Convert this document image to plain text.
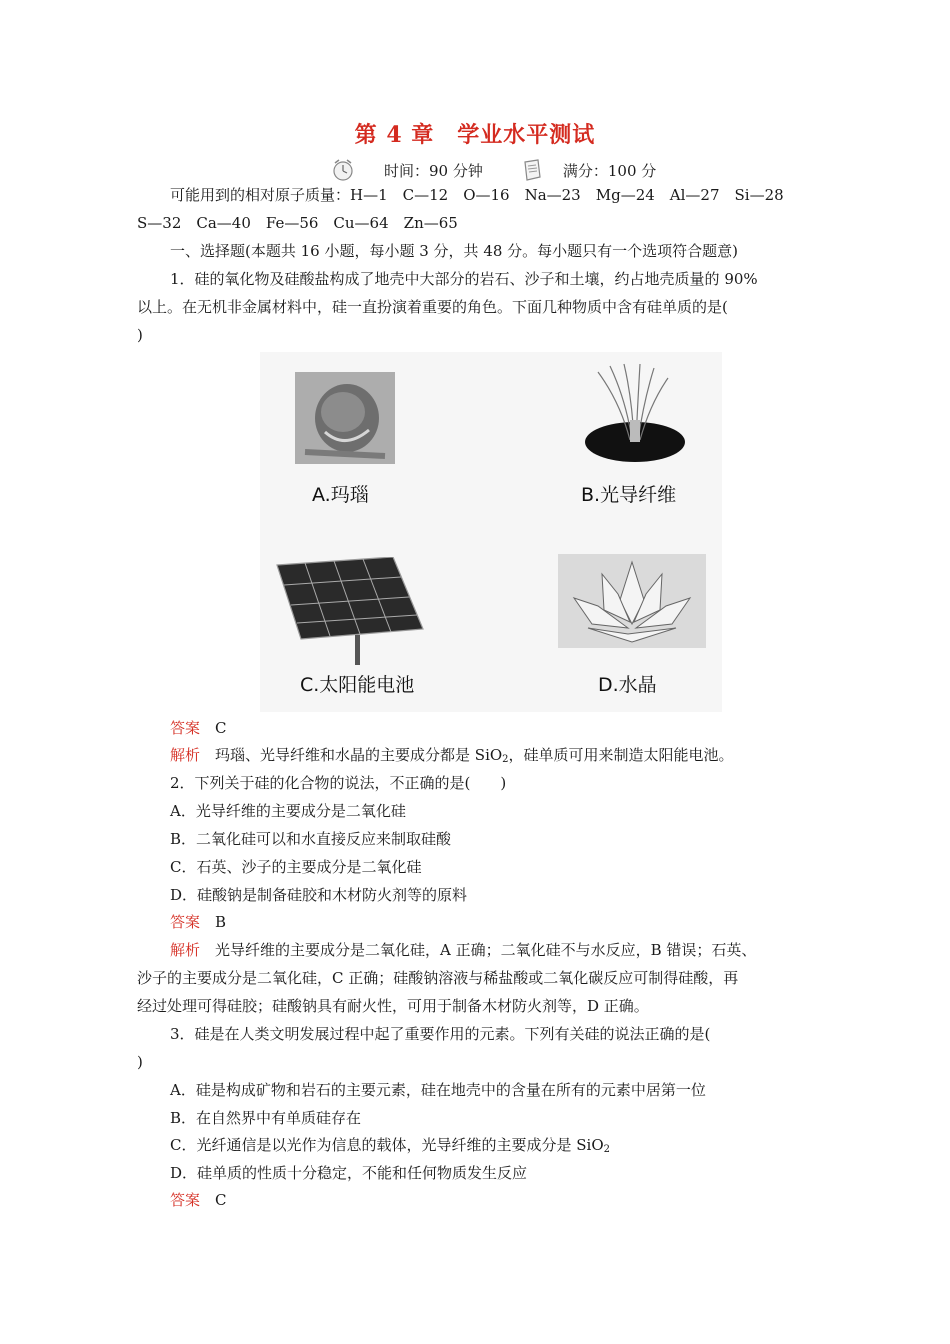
第 4 章　学业水平测试
时间：90 分钟	满分：100 分
可能用到的相对原子质量：H—1　C—12　O—16　Na—23　Mg—24　Al—27　Si—28
S—32　Ca—40　Fe—56　Cu—64　Zn—65
一、选择题(本题共 16 小题，每小题 3 分，共 48 分。每小题只有一个选项符合题意)
1．硅的氧化物及硅酸盐构成了地壳中大部分的岩石、沙子和土壤，约占地壳质量的 90%
以上。在无机非金属材料中，硅一直扮演着重要的角色。下面几种物质中含有硅单质的是(
)
A.玛瑙	B.光导纤维
C.太阳能电池	D.水晶
答案　 C
解析　 玛瑙、光导纤维和水晶的主要成分都是 SiO$_2$，硅单质可用来制造太阳能电池。
2．下列关于硅的化合物的说法，不正确的是(　　)
A．光导纤维的主要成分是二氧化硅
B．二氧化硅可以和水直接反应来制取硅酸
C．石英、沙子的主要成分是二氧化硅
D．硅酸钠是制备硅胶和木材防火剂等的原料
答案　 B
解析　 光导纤维的主要成分是二氧化硅，A 正确；二氧化硅不与水反应，B 错误；石英、
沙子的主要成分是二氧化硅，C 正确；硅酸钠溶液与稀盐酸或二氧化碳反应可制得硅酸，再
经过处理可得硅胶；硅酸钠具有耐火性，可用于制备木材防火剂等，D 正确。
3．硅是在人类文明发展过程中起了重要作用的元素。下列有关硅的说法正确的是(
)
A．硅是构成矿物和岩石的主要元素，硅在地壳中的含量在所有的元素中居第一位
B．在自然界中有单质硅存在
C．光纤通信是以光作为信息的载体，光导纤维的主要成分是 SiO$_2$
D．硅单质的性质十分稳定，不能和任何物质发生反应
答案　 C
